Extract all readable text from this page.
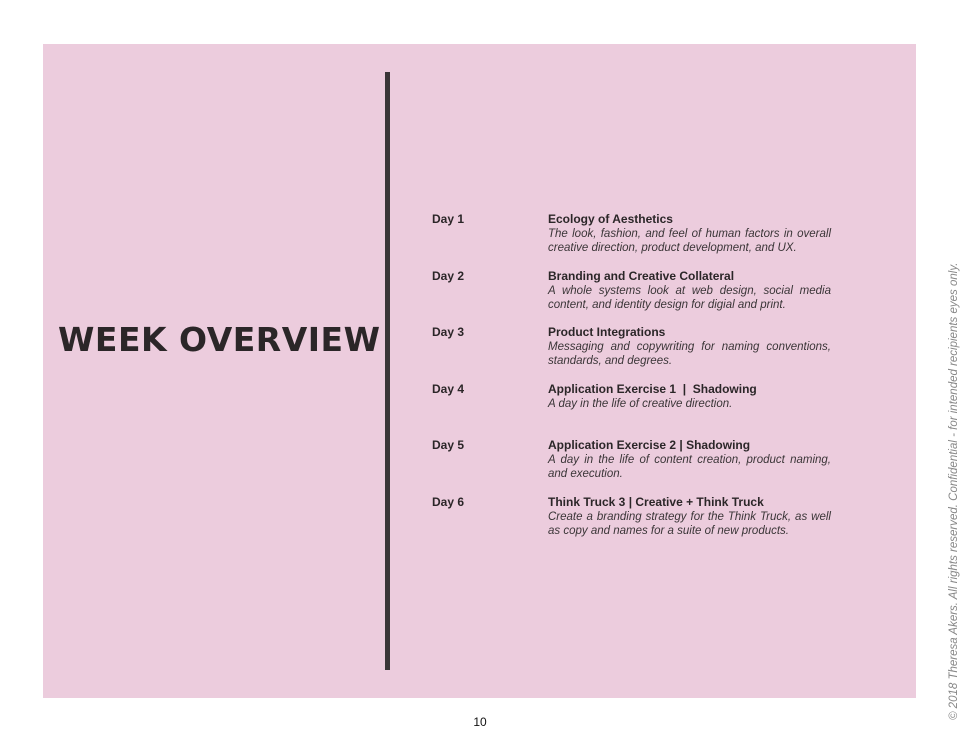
WEEK OVERVIEW
Day 1	Ecology of Aesthetics
The look, fashion, and feel of human factors in overall creative direction, product development, and UX.
Day 2	Branding and Creative Collateral
A whole systems look at web design, social media content, and identity design for digial and print.
Day 3	Product Integrations
Messaging and copywriting for naming conventions, standards, and degrees.
Day 4	Application Exercise 1  |  Shadowing
A day in the life of creative direction.
Day 5	Application Exercise 2 | Shadowing
A day in the life of content creation, product naming, and execution.
Day 6	Think Truck 3 | Creative + Think Truck
Create a branding strategy for the Think Truck, as well as copy and names for a suite of new products.
10
© 2018 Theresa Akers. All rights reserved. Confidential - for intended recipients eyes only.
